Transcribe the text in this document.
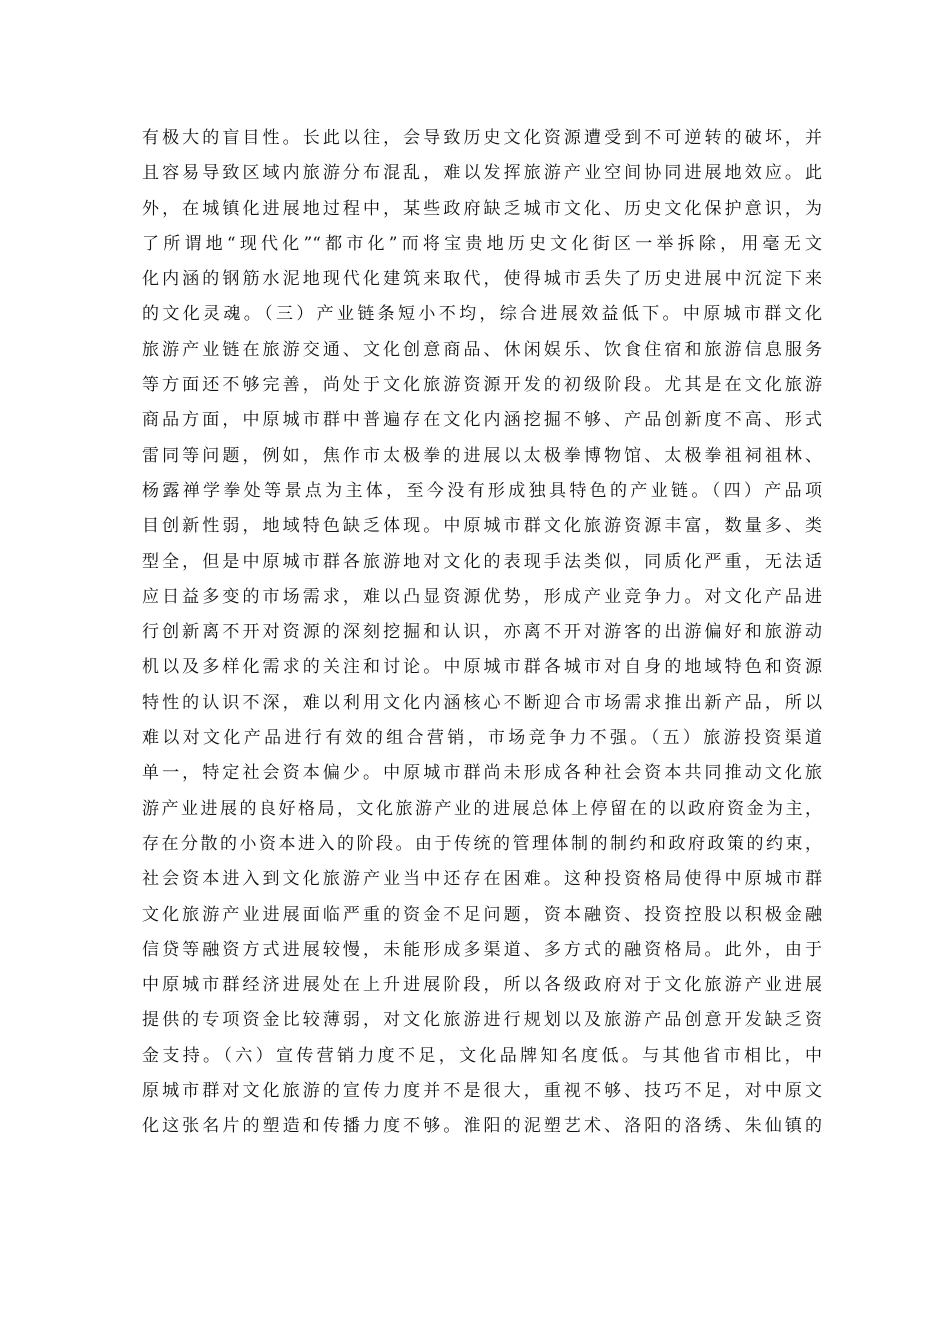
有极大的盲目性。长此以往，会导致历史文化资源遭受到不可逆转的破坏，并
且容易导致区域内旅游分布混乱，难以发挥旅游产业空间协同进展地效应。此
外，在城镇化进展地过程中，某些政府缺乏城市文化、历史文化保护意识，为
了所谓地“现代化”“都市化”而将宝贵地历史文化街区一举拆除，用毫无文
化内涵的钢筋水泥地现代化建筑来取代，使得城市丢失了历史进展中沉淀下来
的文化灵魂。（三）产业链条短小不均，综合进展效益低下。中原城市群文化
旅游产业链在旅游交通、文化创意商品、休闲娱乐、饮食住宿和旅游信息服务
等方面还不够完善，尚处于文化旅游资源开发的初级阶段。尤其是在文化旅游
商品方面，中原城市群中普遍存在文化内涵挖掘不够、产品创新度不高、形式
雷同等问题，例如，焦作市太极拳的进展以太极拳博物馆、太极拳祖祠祖林、
杨露禅学拳处等景点为主体，至今没有形成独具特色的产业链。（四）产品项
目创新性弱，地域特色缺乏体现。中原城市群文化旅游资源丰富，数量多、类
型全，但是中原城市群各旅游地对文化的表现手法类似，同质化严重，无法适
应日益多变的市场需求，难以凸显资源优势，形成产业竞争力。对文化产品进
行创新离不开对资源的深刻挖掘和认识，亦离不开对游客的出游偏好和旅游动
机以及多样化需求的关注和讨论。中原城市群各城市对自身的地域特色和资源
特性的认识不深，难以利用文化内涵核心不断迎合市场需求推出新产品，所以
难以对文化产品进行有效的组合营销，市场竞争力不强。（五）旅游投资渠道
单一，特定社会资本偏少。中原城市群尚未形成各种社会资本共同推动文化旅
游产业进展的良好格局，文化旅游产业的进展总体上停留在的以政府资金为主，
存在分散的小资本进入的阶段。由于传统的管理体制的制约和政府政策的约束，
社会资本进入到文化旅游产业当中还存在困难。这种投资格局使得中原城市群
文化旅游产业进展面临严重的资金不足问题，资本融资、投资控股以积极金融
信贷等融资方式进展较慢，未能形成多渠道、多方式的融资格局。此外，由于
中原城市群经济进展处在上升进展阶段，所以各级政府对于文化旅游产业进展
提供的专项资金比较薄弱，对文化旅游进行规划以及旅游产品创意开发缺乏资
金支持。（六）宣传营销力度不足，文化品牌知名度低。与其他省市相比，中
原城市群对文化旅游的宣传力度并不是很大，重视不够、技巧不足，对中原文
化这张名片的塑造和传播力度不够。淮阳的泥塑艺术、洛阳的洛绣、朱仙镇的
